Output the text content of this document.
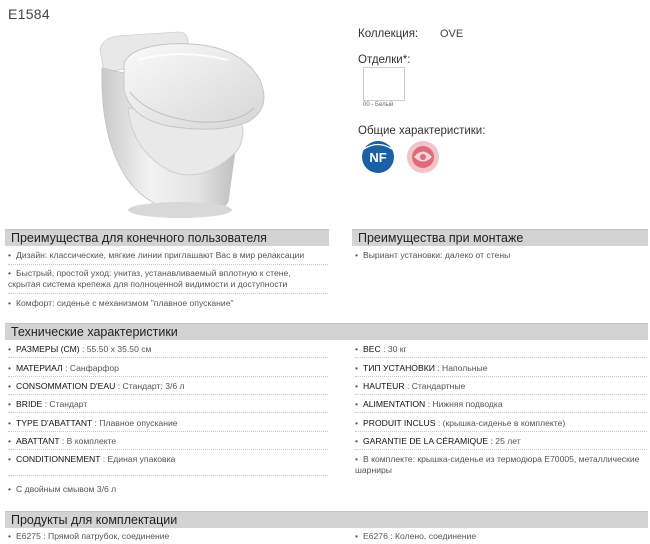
E1584
Коллекция: OVE
Отделки*:
00 - Белый
Общие характеристики:
NF
Преимущества для конечного пользователя	Преимущества при монтаже
• Дизайн: классические, мягкие линии приглашают Вас в мир релаксации
• Быстрый, простой уход: унитаз, устанавливаемый вплотную к стене,
скрытая система крепежа для полноценной видимости и доступности
• Комфорт: сиденье с механизмом "плавное опускание"
• Выриант установки: далеко от стены
Технические характеристики
• РАЗМЕРЫ (СМ) : 55.50 x 35.50 см
• МАТЕРИАЛ : Санфарфор
• CONSOMMATION D'EAU : Стандарт: 3/6 л
• BRIDE : Стандарт
• TYPE D'ABATTANT : Плавное опускание
• ABATTANT : В комплекте
• CONDITIONNEMENT : Единая упаковка
• С двойным смывом 3/6 л
• ВЕС : 30 кг
• ТИП УСТАНОВКИ : Напольные
• HAUTEUR : Стандартные
• ALIMENTATION : Нижняя подводка
• PRODUIT INCLUS : (крышка-сиденье в комплекте)
• GARANTIE DE LA CÉRAMIQUE : 25 лет
• В комплекте: крышка-сиденье из термодюра E70005, металлические
шарниры
Продукты для комплектации
• E6275 : Прямой патрубок, соединение	• E6276 : Колено, соединение
